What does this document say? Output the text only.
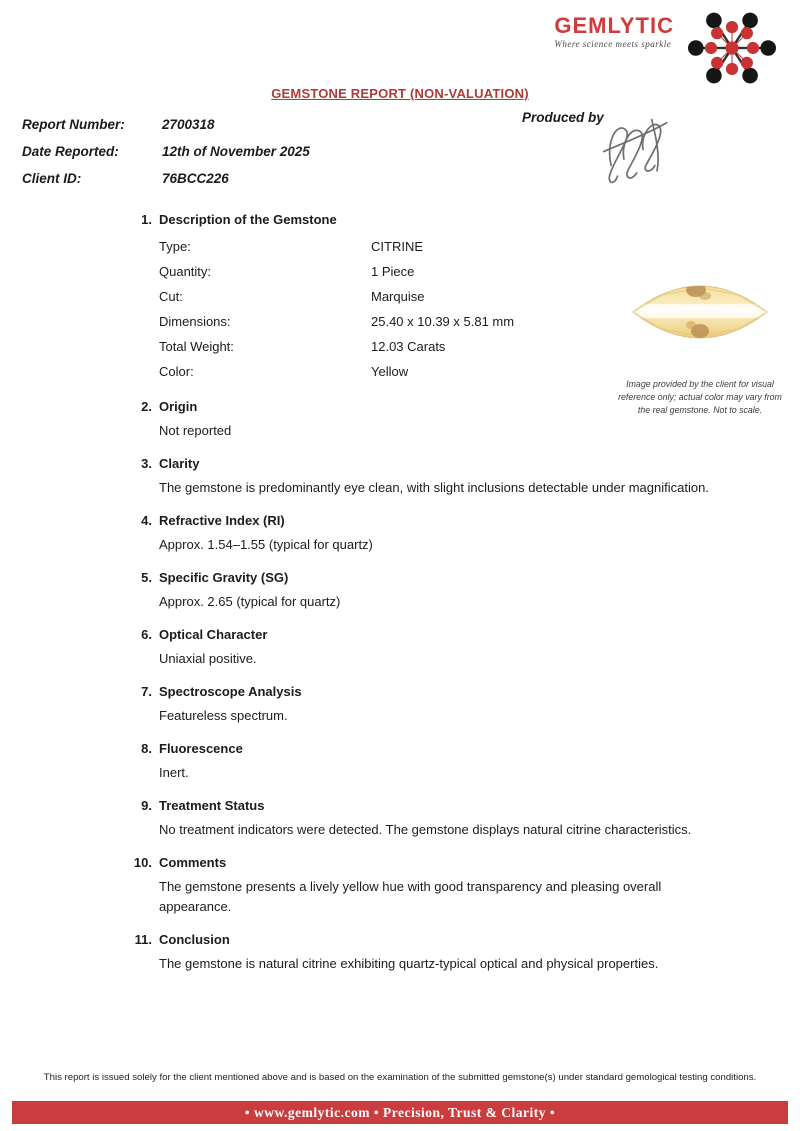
GEMLYTIC
Where science meets sparkle
GEMSTONE REPORT (NON-VALUATION)
Produced by
Report Number:	2700318
Date Reported:	12th of November 2025
Client ID:	76BCC226
Image provided by the client for visual reference only; actual color may vary from the real gemstone. Not to scale.
1. Description of the Gemstone
Type:	CITRINE
Quantity:	1 Piece
Cut:	Marquise
Dimensions:	25.40 x 10.39 x 5.81 mm
Total Weight:	12.03 Carats
Color:	Yellow
2. Origin
Not reported
3. Clarity
The gemstone is predominantly eye clean, with slight inclusions detectable under magnification.
4. Refractive Index (RI)
Approx. 1.54–1.55 (typical for quartz)
5. Specific Gravity (SG)
Approx. 2.65 (typical for quartz)
6. Optical Character
Uniaxial positive.
7. Spectroscope Analysis
Featureless spectrum.
8. Fluorescence
Inert.
9. Treatment Status
No treatment indicators were detected. The gemstone displays natural citrine characteristics.
10. Comments
The gemstone presents a lively yellow hue with good transparency and pleasing overall appearance.
11. Conclusion
The gemstone is natural citrine exhibiting quartz-typical optical and physical properties.
This report is issued solely for the client mentioned above and is based on the examination of the submitted gemstone(s) under standard gemological testing conditions.
• www.gemlytic.com • Precision, Trust & Clarity •
